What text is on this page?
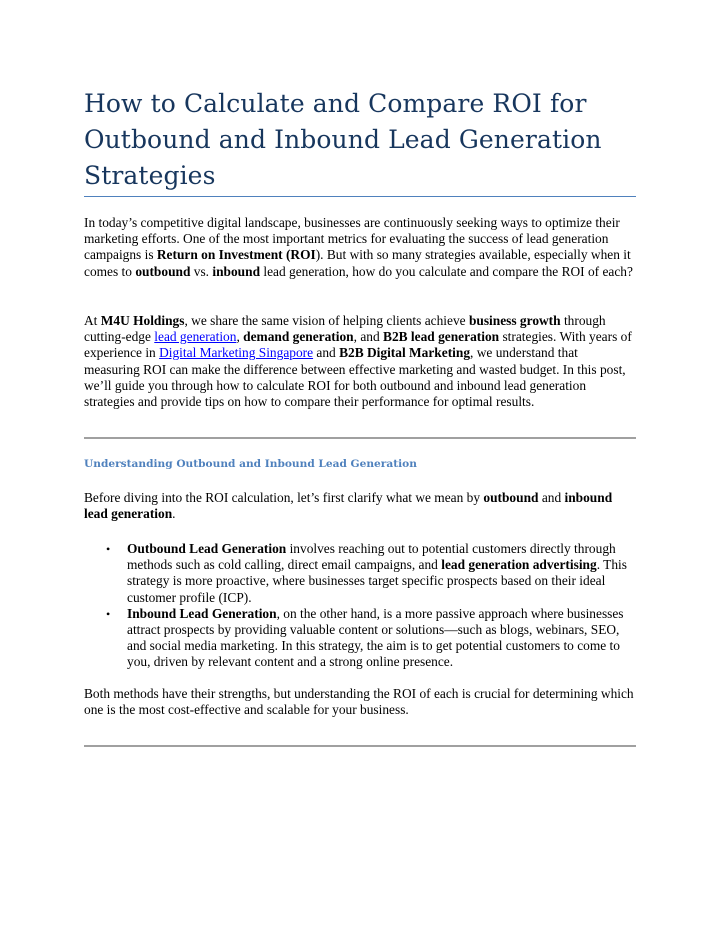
How to Calculate and Compare ROI for Outbound and Inbound Lead Generation Strategies

In today’s competitive digital landscape, businesses are continuously seeking ways to optimize their marketing efforts. One of the most important metrics for evaluating the success of lead generation campaigns is Return on Investment (ROI). But with so many strategies available, especially when it comes to outbound vs. inbound lead generation, how do you calculate and compare the ROI of each?

At M4U Holdings, we share the same vision of helping clients achieve business growth through cutting-edge lead generation, demand generation, and B2B lead generation strategies. With years of experience in Digital Marketing Singapore and B2B Digital Marketing, we understand that measuring ROI can make the difference between effective marketing and wasted budget. In this post, we’ll guide you through how to calculate ROI for both outbound and inbound lead generation strategies and provide tips on how to compare their performance for optimal results.

Understanding Outbound and Inbound Lead Generation

Before diving into the ROI calculation, let’s first clarify what we mean by outbound and inbound lead generation.

• Outbound Lead Generation involves reaching out to potential customers directly through methods such as cold calling, direct email campaigns, and lead generation advertising. This strategy is more proactive, where businesses target specific prospects based on their ideal customer profile (ICP).
• Inbound Lead Generation, on the other hand, is a more passive approach where businesses attract prospects by providing valuable content or solutions—such as blogs, webinars, SEO, and social media marketing. In this strategy, the aim is to get potential customers to come to you, driven by relevant content and a strong online presence.

Both methods have their strengths, but understanding the ROI of each is crucial for determining which one is the most cost-effective and scalable for your business.
